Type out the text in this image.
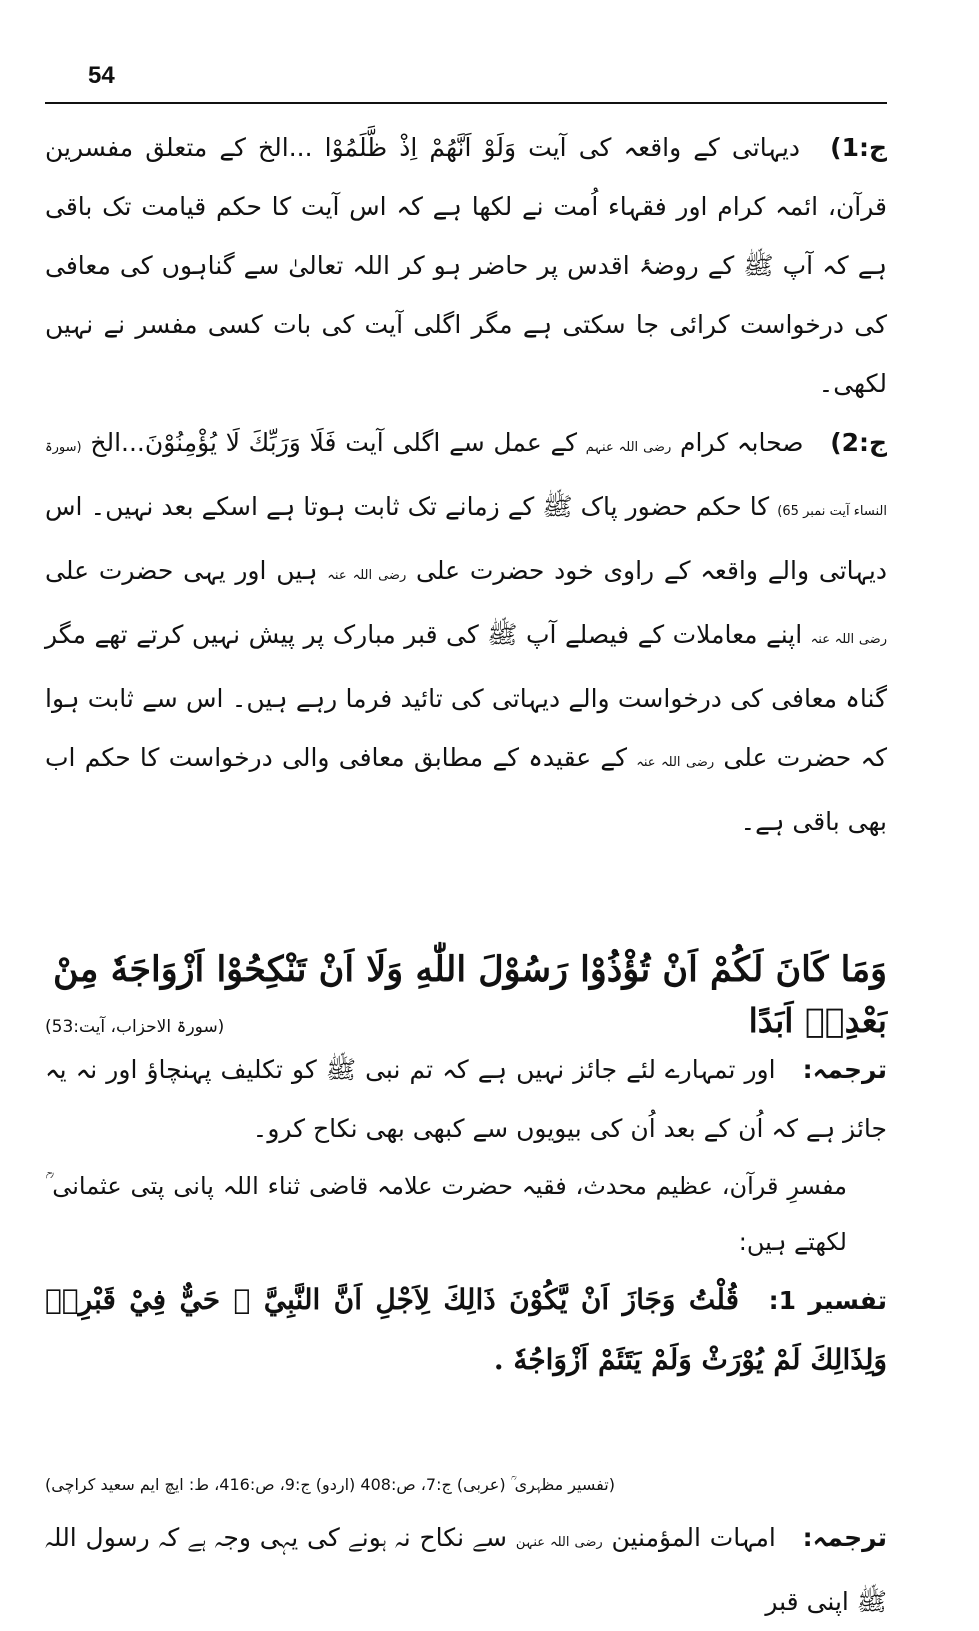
54

ج:1) دیہاتی کے واقعہ کی آیت وَلَوْ اَنَّهُمْ اِذْ ظَّلَمُوْا ...الخ کے متعلق مفسرین قرآن، ائمہ کرام اور فقہاء اُمت نے لکھا ہے کہ اس آیت کا حکم قیامت تک باقی ہے کہ آپ ﷺ کے روضۂ اقدس پر حاضر ہو کر اللہ تعالیٰ سے گناہوں کی معافی کی درخواست کرائی جا سکتی ہے مگر اگلی آیت کی بات کسی مفسر نے نہیں لکھی۔

ج:2) صحابہ کرام رضی اللہ عنہم کے عمل سے اگلی آیت فَلَا وَرَبِّكَ لَا يُؤْمِنُوْنَ...الخ (سورۃ النساء آیت نمبر 65) کا حکم حضور پاک ﷺ کے زمانے تک ثابت ہوتا ہے اسکے بعد نہیں۔ اس دیہاتی والے واقعہ کے راوی خود حضرت علی رضی اللہ عنہ ہیں اور یہی حضرت علی رضی اللہ عنہ اپنے معاملات کے فیصلے آپ ﷺ کی قبر مبارک پر پیش نہیں کرتے تھے مگر گناہ معافی کی درخواست والے دیہاتی کی تائید فرما رہے ہیں۔ اس سے ثابت ہوا کہ حضرت علی رضی اللہ عنہ کے عقیدہ کے مطابق معافی والی درخواست کا حکم اب بھی باقی ہے۔

وَمَا كَانَ لَكُمْ اَنْ تُؤْذُوْا رَسُوْلَ اللّٰهِ وَلَا اَنْ تَنْكِحُوْا اَزْوَاجَهٗ مِنْ
بَعْدِهٖ اَبَدًا
(سورۃ الاحزاب، آیت:53)

ترجمہ: اور تمہارے لئے جائز نہیں ہے کہ تم نبی ﷺ کو تکلیف پہنچاؤ اور نہ یہ جائز ہے کہ اُن کے بعد اُن کی بیویوں سے کبھی بھی نکاح کرو۔

مفسرِ قرآن، عظیم محدث، فقیہ حضرت علامہ قاضی ثناء اللہ پانی پتی عثمانی ؒ لکھتے ہیں:

تفسیر 1: قُلْتُ وَجَازَ اَنْ يَّكُوْنَ ذَالِكَ لِاَجْلِ اَنَّ النَّبِيَّ ﷺ حَيٌّ فِيْ قَبْرِهٖ وَلِذَالِكَ لَمْ يُوْرَثْ وَلَمْ يَتَئَمْ اَزْوَاجُهٗ .

(تفسیر مظہری ؒ (عربی) ج:7، ص:408 (اردو) ج:9، ص:416، ط: ایچ ایم سعید کراچی)

ترجمہ: امہات المؤمنین رضی اللہ عنہن سے نکاح نہ ہونے کی یہی وجہ ہے کہ رسول اللہ ﷺ اپنی قبر
